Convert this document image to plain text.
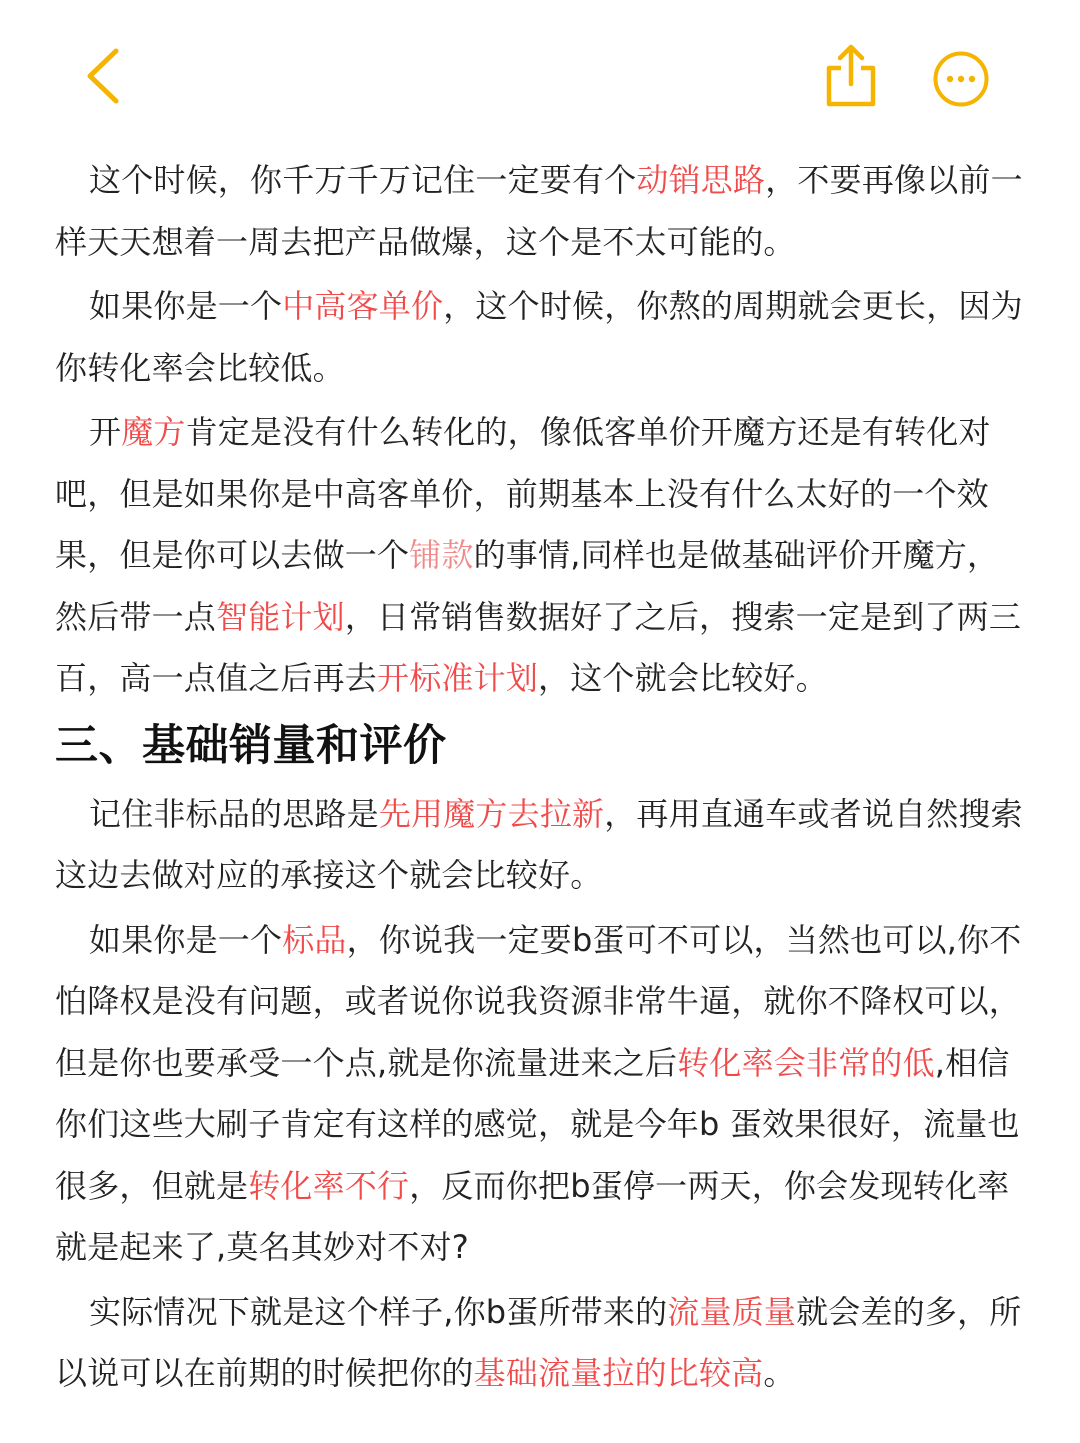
这个时候，你千万千万记住一定要有个动销思路，不要再像以前一样天天想着一周去把产品做爆，这个是不太可能的。

如果你是一个中高客单价，这个时候，你熬的周期就会更长，因为你转化率会比较低。

开魔方肯定是没有什么转化的，像低客单价开魔方还是有转化对吧，但是如果你是中高客单价，前期基本上没有什么太好的一个效果，但是你可以去做一个铺款的事情,同样也是做基础评价开魔方，然后带一点智能计划，日常销售数据好了之后，搜索一定是到了两三百，高一点值之后再去开标准计划，这个就会比较好。

三、基础销量和评价

记住非标品的思路是先用魔方去拉新，再用直通车或者说自然搜索这边去做对应的承接这个就会比较好。

如果你是一个标品，你说我一定要b蛋可不可以，当然也可以,你不怕降权是没有问题，或者说你说我资源非常牛逼，就你不降权可以，但是你也要承受一个点,就是你流量进来之后转化率会非常的低,相信你们这些大刷子肯定有这样的感觉，就是今年b 蛋效果很好，流量也很多，但就是转化率不行，反而你把b蛋停一两天，你会发现转化率就是起来了,莫名其妙对不对?

实际情况下就是这个样子,你b蛋所带来的流量质量就会差的多，所以说可以在前期的时候把你的基础流量拉的比较高。
